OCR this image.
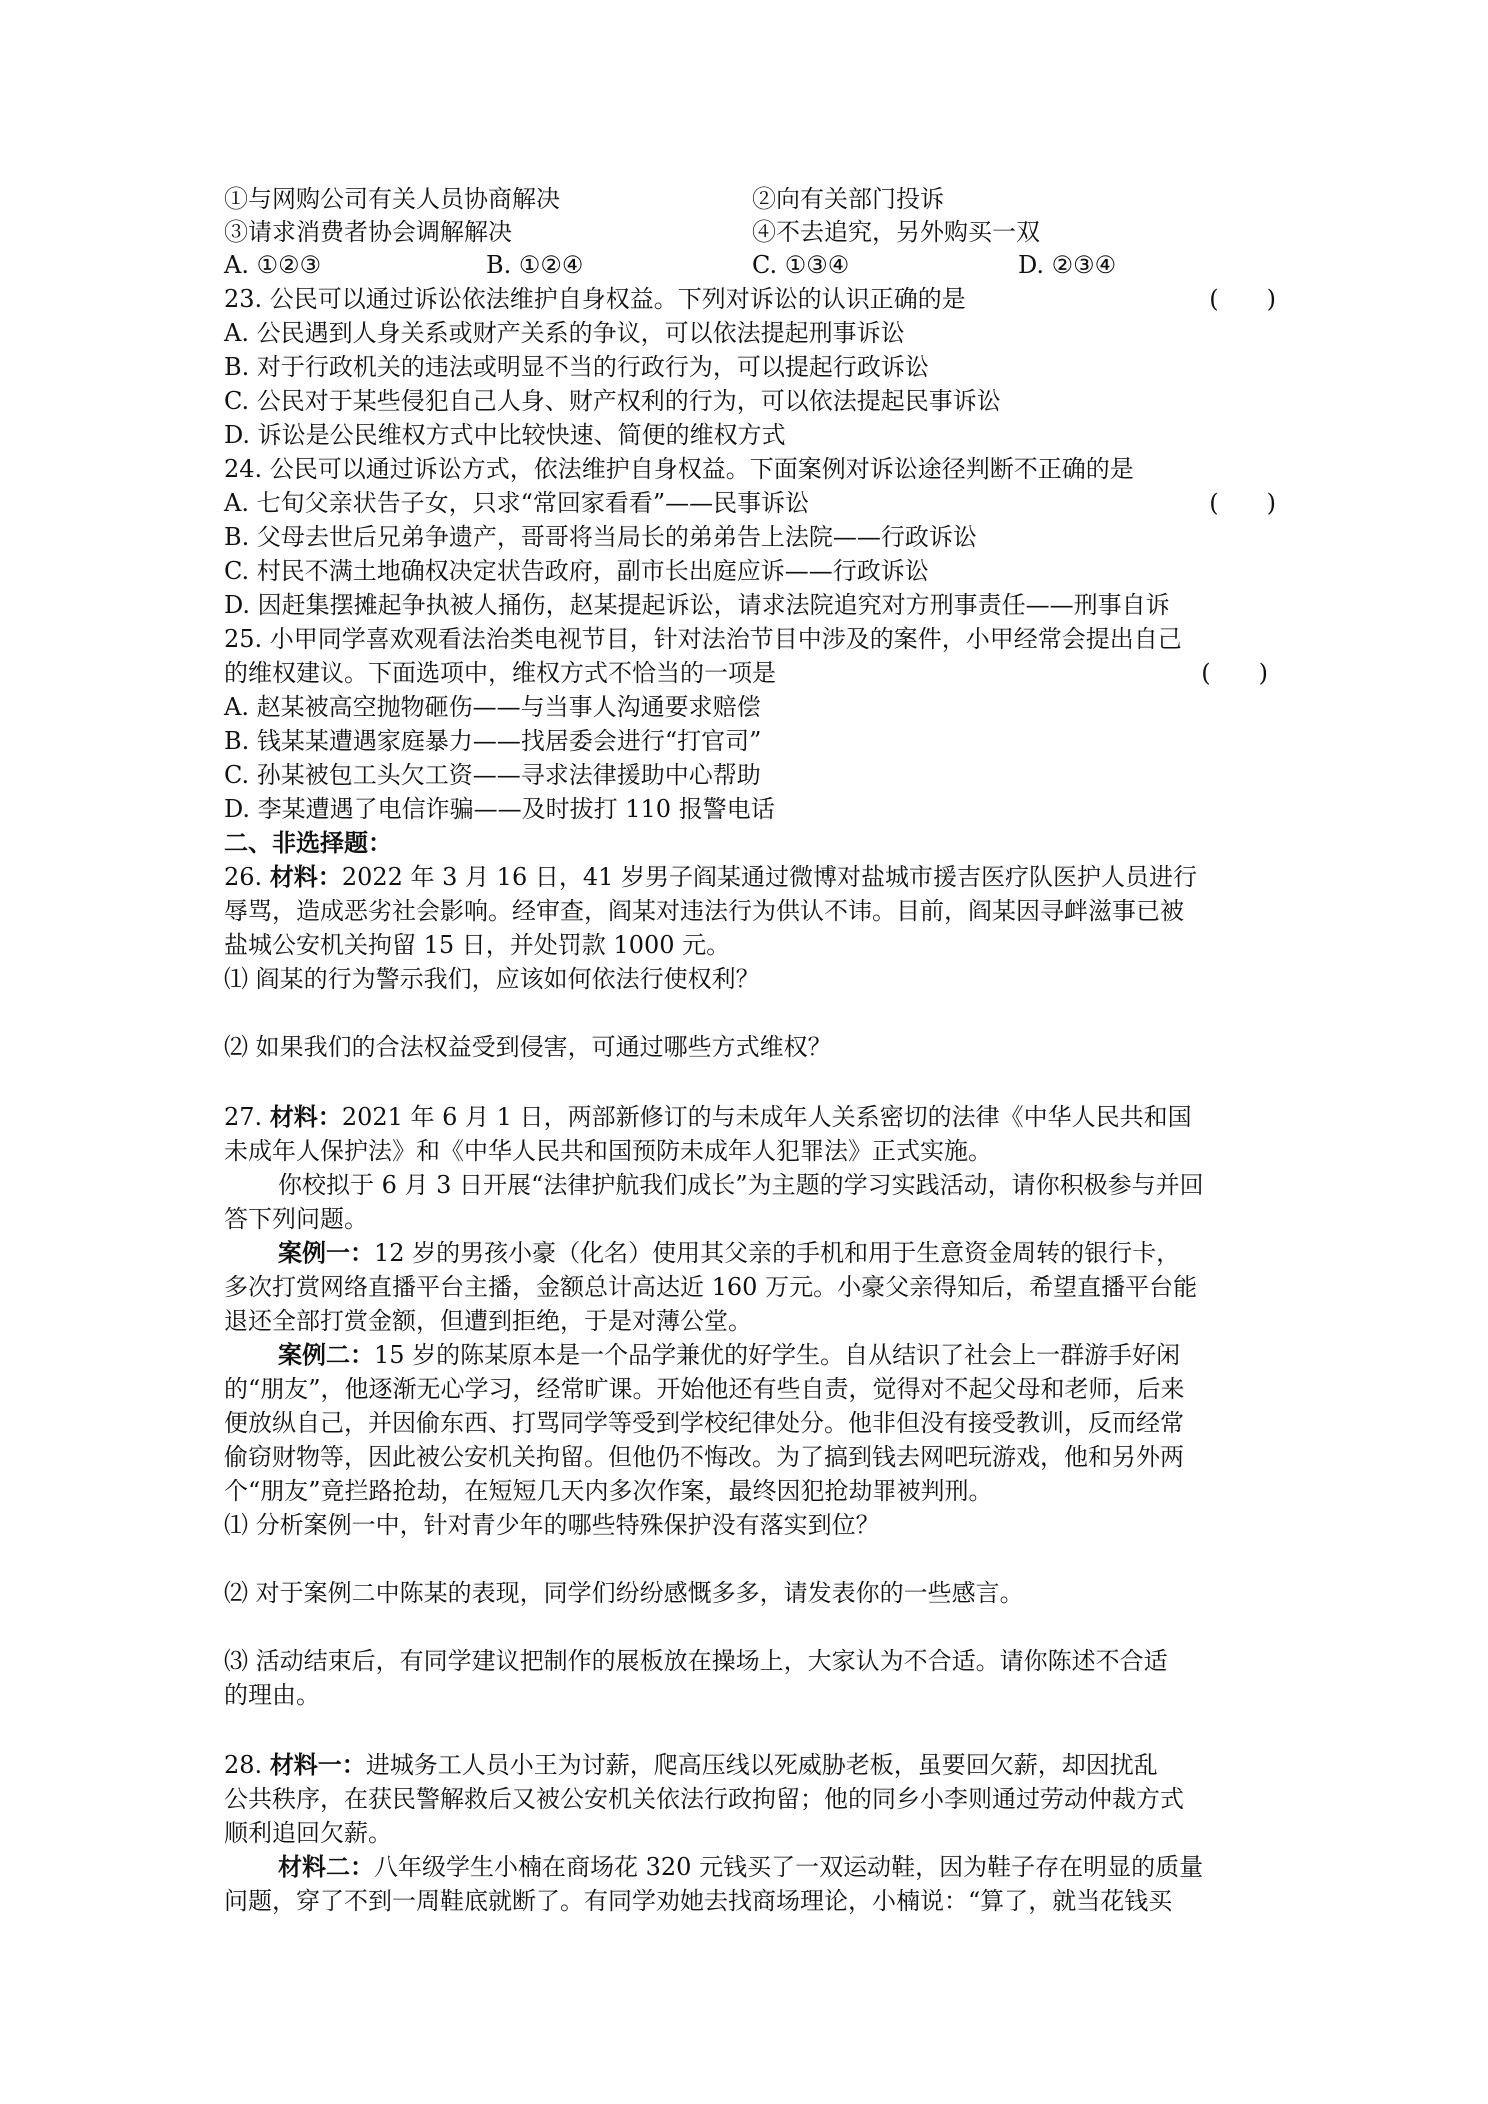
①与网购公司有关人员协商解决	②向有关部门投诉
③请求消费者协会调解解决	④不去追究，另外购买一双
A. ①②③	B. ①②④	C. ①③④	D. ②③④
23. 公民可以通过诉讼依法维护自身权益。下列对诉讼的认识正确的是	(　　)
A. 公民遇到人身关系或财产关系的争议，可以依法提起刑事诉讼
B. 对于行政机关的违法或明显不当的行政行为，可以提起行政诉讼
C. 公民对于某些侵犯自己人身、财产权利的行为，可以依法提起民事诉讼
D. 诉讼是公民维权方式中比较快速、简便的维权方式
24. 公民可以通过诉讼方式，依法维护自身权益。下面案例对诉讼途径判断不正确的是
A. 七旬父亲状告子女，只求“常回家看看”——民事诉讼	(　　)
B. 父母去世后兄弟争遗产，哥哥将当局长的弟弟告上法院——行政诉讼
C. 村民不满土地确权决定状告政府，副市长出庭应诉——行政诉讼
D. 因赶集摆摊起争执被人捅伤，赵某提起诉讼，请求法院追究对方刑事责任——刑事自诉
25. 小甲同学喜欢观看法治类电视节目，针对法治节目中涉及的案件，小甲经常会提出自己
的维权建议。下面选项中，维权方式不恰当的一项是	(　　)
A. 赵某被高空抛物砸伤——与当事人沟通要求赔偿
B. 钱某某遭遇家庭暴力——找居委会进行“打官司”
C. 孙某被包工头欠工资——寻求法律援助中心帮助
D. 李某遭遇了电信诈骗——及时拔打 110 报警电话
二、非选择题：
26. 材料：2022 年 3 月 16 日，41 岁男子阎某通过微博对盐城市援吉医疗队医护人员进行
辱骂，造成恶劣社会影响。经审查，阎某对违法行为供认不讳。目前，阎某因寻衅滋事已被
盐城公安机关拘留 15 日，并处罚款 1000 元。
⑴ 阎某的行为警示我们，应该如何依法行使权利？
⑵ 如果我们的合法权益受到侵害，可通过哪些方式维权？
27. 材料：2021 年 6 月 1 日，两部新修订的与未成年人关系密切的法律《中华人民共和国
未成年人保护法》和《中华人民共和国预防未成年人犯罪法》正式实施。
你校拟于 6 月 3 日开展“法律护航我们成长”为主题的学习实践活动，请你积极参与并回
答下列问题。
案例一：12 岁的男孩小豪（化名）使用其父亲的手机和用于生意资金周转的银行卡，
多次打赏网络直播平台主播，金额总计高达近 160 万元。小豪父亲得知后，希望直播平台能
退还全部打赏金额，但遭到拒绝，于是对薄公堂。
案例二：15 岁的陈某原本是一个品学兼优的好学生。自从结识了社会上一群游手好闲
的“朋友”，他逐渐无心学习，经常旷课。开始他还有些自责，觉得对不起父母和老师，后来
便放纵自己，并因偷东西、打骂同学等受到学校纪律处分。他非但没有接受教训，反而经常
偷窃财物等，因此被公安机关拘留。但他仍不悔改。为了搞到钱去网吧玩游戏，他和另外两
个“朋友”竟拦路抢劫，在短短几天内多次作案，最终因犯抢劫罪被判刑。
⑴ 分析案例一中，针对青少年的哪些特殊保护没有落实到位？
⑵ 对于案例二中陈某的表现，同学们纷纷感慨多多，请发表你的一些感言。
⑶ 活动结束后，有同学建议把制作的展板放在操场上，大家认为不合适。请你陈述不合适
的理由。
28. 材料一：进城务工人员小王为讨薪，爬高压线以死威胁老板，虽要回欠薪，却因扰乱
公共秩序，在获民警解救后又被公安机关依法行政拘留；他的同乡小李则通过劳动仲裁方式
顺利追回欠薪。
材料二：八年级学生小楠在商场花 320 元钱买了一双运动鞋，因为鞋子存在明显的质量
问题，穿了不到一周鞋底就断了。有同学劝她去找商场理论，小楠说：“算了，就当花钱买
